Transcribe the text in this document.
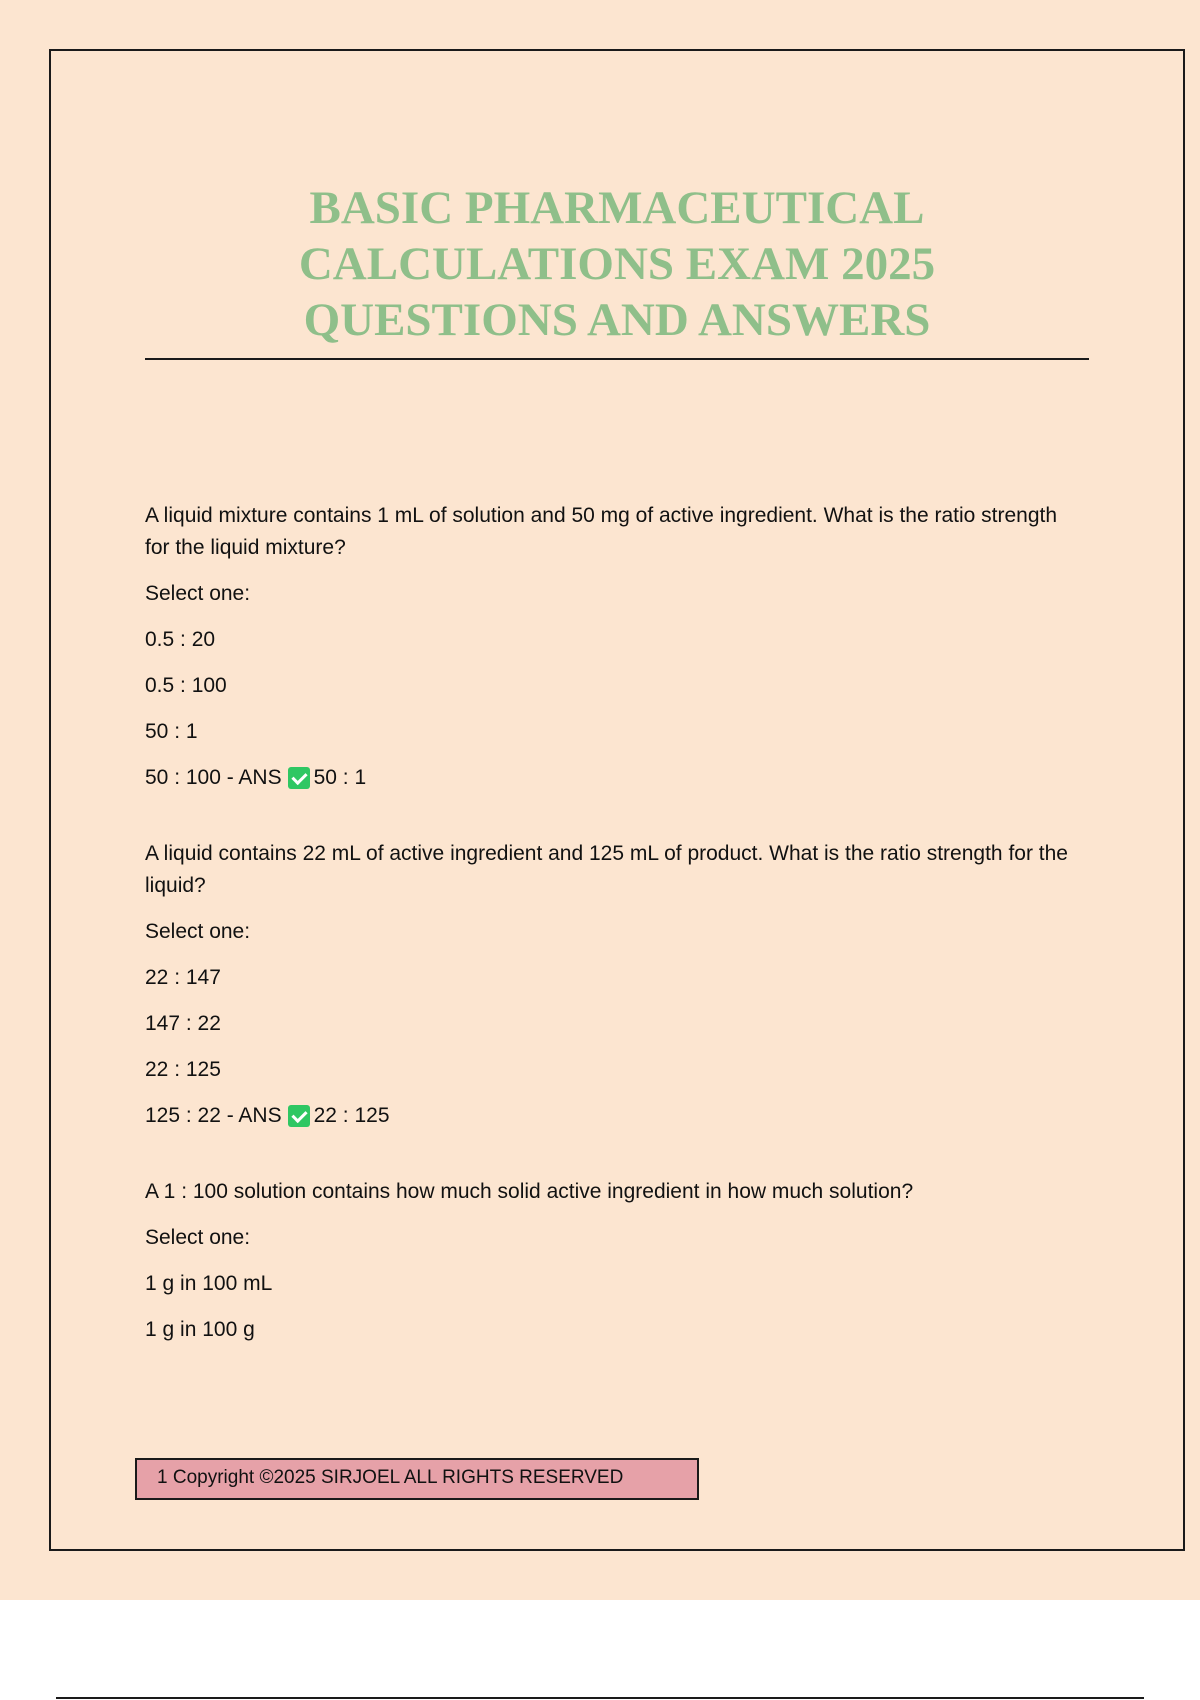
BASIC PHARMACEUTICAL
CALCULATIONS EXAM 2025
QUESTIONS AND ANSWERS

A liquid mixture contains 1 mL of solution and 50 mg of active ingredient. What is the ratio strength for the liquid mixture?

Select one:

0.5 : 20

0.5 : 100

50 : 1

50 : 100 - ANS 50 : 1

A liquid contains 22 mL of active ingredient and 125 mL of product. What is the ratio strength for the liquid?

Select one:

22 : 147

147 : 22

22 : 125

125 : 22 - ANS 22 : 125

A 1 : 100 solution contains how much solid active ingredient in how much solution?

Select one:

1 g in 100 mL

1 g in 100 g

1 Copyright ©2025 SIRJOEL ALL RIGHTS RESERVED
